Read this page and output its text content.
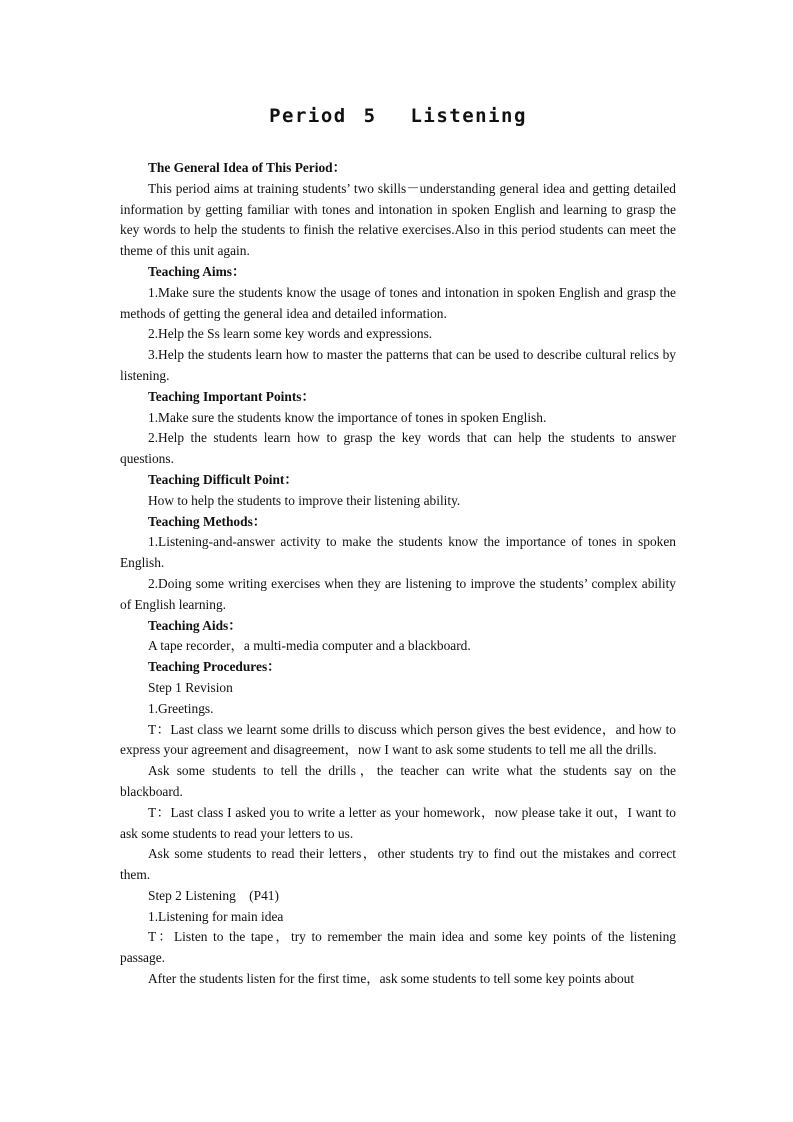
Period 5  Listening

The General Idea of This Period：

This period aims at training students’ two skills－understanding general idea and getting detailed information by getting familiar with tones and intonation in spoken English and learning to grasp the key words to help the students to finish the relative exercises.Also in this period students can meet the theme of this unit again.

Teaching Aims：

1.Make sure the students know the usage of tones and intonation in spoken English and grasp the methods of getting the general idea and detailed information.

2.Help the Ss learn some key words and expressions.

3.Help the students learn how to master the patterns that can be used to describe cultural relics by listening.

Teaching Important Points：

1.Make sure the students know the importance of tones in spoken English.

2.Help the students learn how to grasp the key words that can help the students to answer questions.

Teaching Difficult Point：

How to help the students to improve their listening ability.

Teaching Methods：

1.Listening-and-answer activity to make the students know the importance of tones in spoken English.

2.Doing some writing exercises when they are listening to improve the students’ complex ability of English learning.

Teaching Aids：

A tape recorder，a multi-media computer and a blackboard.

Teaching Procedures：

Step 1 Revision

1.Greetings.

T：Last class we learnt some drills to discuss which person gives the best evidence，and how to express your agreement and disagreement，now I want to ask some students to tell me all the drills.

Ask some students to tell the drills，the teacher can write what the students say on the blackboard.

T：Last class I asked you to write a letter as your homework，now please take it out，I want to ask some students to read your letters to us.

Ask some students to read their letters，other students try to find out the mistakes and correct them.

Step 2 Listening　(P41)

1.Listening for main idea

T：Listen to the tape，try to remember the main idea and some key points of the listening passage.

After the students listen for the first time，ask some students to tell some key points about
